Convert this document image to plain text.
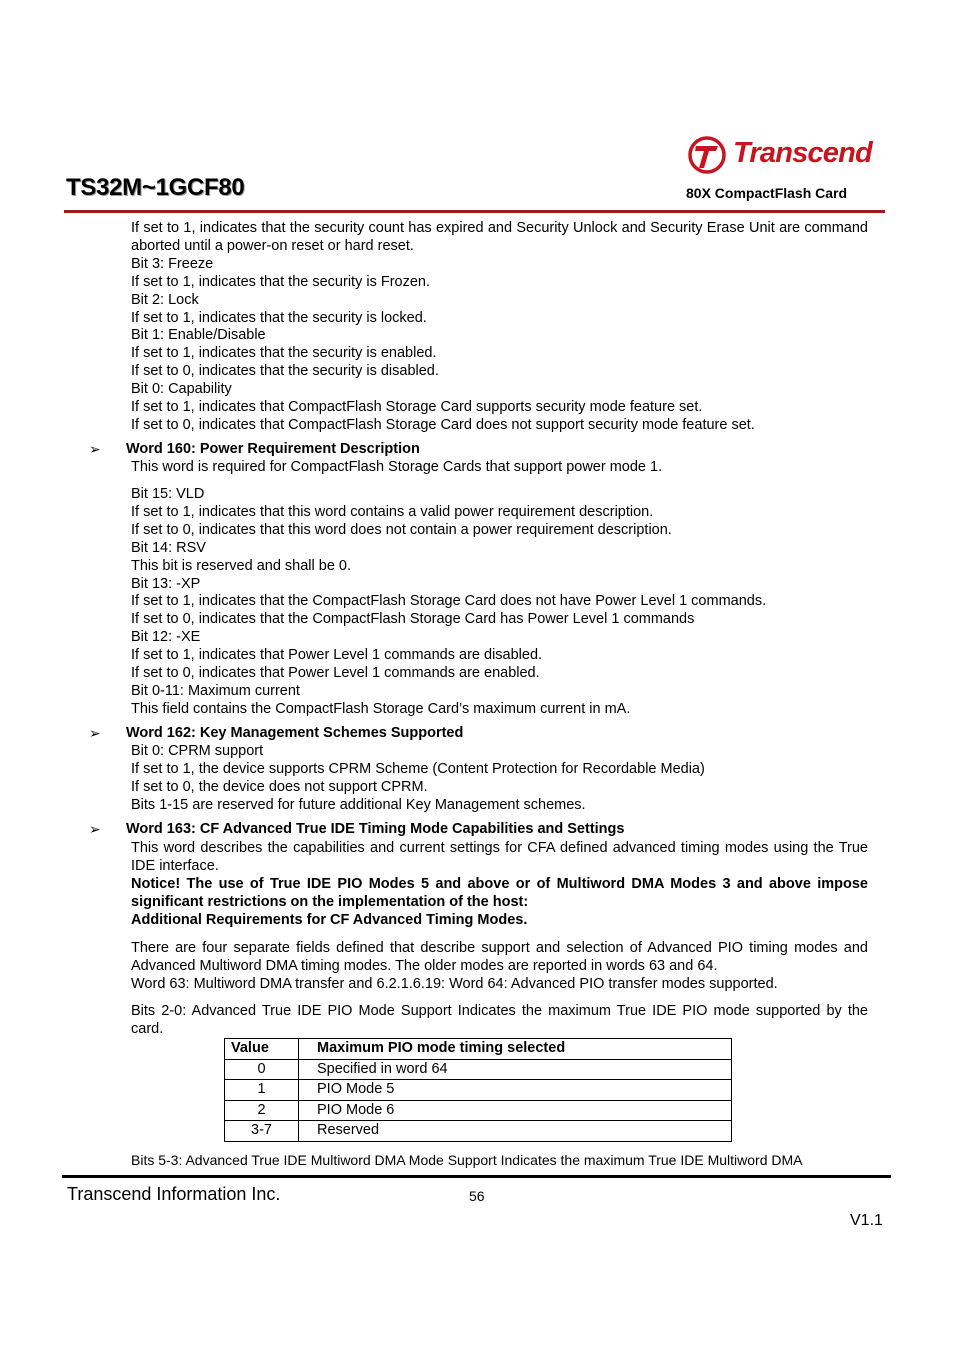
TS32M~1GCF80
Transcend
80X CompactFlash Card

If set to 1, indicates that the security count has expired and Security Unlock and Security Erase Unit are command aborted until a power-on reset or hard reset.

Bit 3: Freeze

If set to 1, indicates that the security is Frozen.

Bit 2: Lock

If set to 1, indicates that the security is locked.

Bit 1: Enable/Disable

If set to 1, indicates that the security is enabled.

If set to 0, indicates that the security is disabled.

Bit 0: Capability

If set to 1, indicates that CompactFlash Storage Card supports security mode feature set.

If set to 0, indicates that CompactFlash Storage Card does not support security mode feature set.

➢ Word 160: Power Requirement Description

This word is required for CompactFlash Storage Cards that support power mode 1.

Bit 15: VLD

If set to 1, indicates that this word contains a valid power requirement description.

If set to 0, indicates that this word does not contain a power requirement description.

Bit 14: RSV

This bit is reserved and shall be 0.

Bit 13: -XP

If set to 1, indicates that the CompactFlash Storage Card does not have Power Level 1 commands.

If set to 0, indicates that the CompactFlash Storage Card has Power Level 1 commands

Bit 12: -XE

If set to 1, indicates that Power Level 1 commands are disabled.

If set to 0, indicates that Power Level 1 commands are enabled.

Bit 0-11: Maximum current

This field contains the CompactFlash Storage Card’s maximum current in mA.

➢ Word 162: Key Management Schemes Supported

Bit 0: CPRM support

If set to 1, the device supports CPRM Scheme (Content Protection for Recordable Media)

If set to 0, the device does not support CPRM.

Bits 1-15 are reserved for future additional Key Management schemes.

➢ Word 163: CF Advanced True IDE Timing Mode Capabilities and Settings

This word describes the capabilities and current settings for CFA defined advanced timing modes using the True IDE interface.

Notice! The use of True IDE PIO Modes 5 and above or of Multiword DMA Modes 3 and above impose significant restrictions on the implementation of the host:

Additional Requirements for CF Advanced Timing Modes.

There are four separate fields defined that describe support and selection of Advanced PIO timing modes and Advanced Multiword DMA timing modes. The older modes are reported in words 63 and 64.

Word 63: Multiword DMA transfer and 6.2.1.6.19: Word 64: Advanced PIO transfer modes supported.

Bits 2-0: Advanced True IDE PIO Mode Support Indicates the maximum True IDE PIO mode supported by the card.

Value	Maximum PIO mode timing selected
0	Specified in word 64
1	PIO Mode 5
2	PIO Mode 6
3-7	Reserved

Bits 5-3: Advanced True IDE Multiword DMA Mode Support Indicates the maximum True IDE Multiword DMA

Transcend Information Inc.	56
V1.1
